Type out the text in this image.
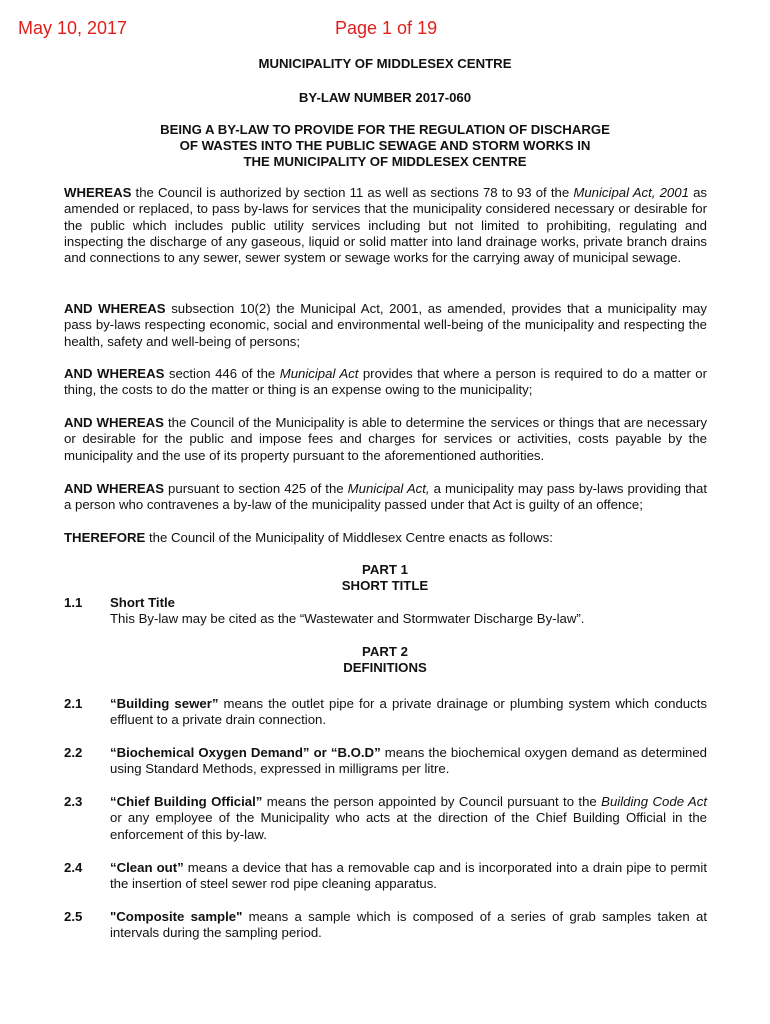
May 10, 2017	Page 1 of 19
MUNICIPALITY OF MIDDLESEX CENTRE
BY-LAW NUMBER 2017-060
BEING A BY-LAW TO PROVIDE FOR THE REGULATION OF DISCHARGE
OF WASTES INTO THE PUBLIC SEWAGE AND STORM WORKS IN
THE MUNICIPALITY OF MIDDLESEX CENTRE
WHEREAS the Council is authorized by section 11 as well as sections 78 to 93 of the Municipal Act, 2001 as amended or replaced, to pass by-laws for services that the municipality considered necessary or desirable for the public which includes public utility services including but not limited to prohibiting, regulating and inspecting the discharge of any gaseous, liquid or solid matter into land drainage works, private branch drains and connections to any sewer, sewer system or sewage works for the carrying away of municipal sewage.
AND WHEREAS subsection 10(2) the Municipal Act, 2001, as amended, provides that a municipality may pass by-laws respecting economic, social and environmental well-being of the municipality and respecting the health, safety and well-being of persons;
AND WHEREAS section 446 of the Municipal Act provides that where a person is required to do a matter or thing, the costs to do the matter or thing is an expense owing to the municipality;
AND WHEREAS the Council of the Municipality is able to determine the services or things that are necessary or desirable for the public and impose fees and charges for services or activities, costs payable by the municipality and the use of its property pursuant to the aforementioned authorities.
AND WHEREAS pursuant to section 425 of the Municipal Act, a municipality may pass by-laws providing that a person who contravenes a by-law of the municipality passed under that Act is guilty of an offence;
THEREFORE the Council of the Municipality of Middlesex Centre enacts as follows:
PART 1
SHORT TITLE
1.1 Short Title
This By-law may be cited as the “Wastewater and Stormwater Discharge By-law”.
PART 2
DEFINITIONS
2.1 “Building sewer” means the outlet pipe for a private drainage or plumbing system which conducts effluent to a private drain connection.
2.2 “Biochemical Oxygen Demand” or “B.O.D” means the biochemical oxygen demand as determined using Standard Methods, expressed in milligrams per litre.
2.3 “Chief Building Official” means the person appointed by Council pursuant to the Building Code Act or any employee of the Municipality who acts at the direction of the Chief Building Official in the enforcement of this by-law.
2.4 “Clean out” means a device that has a removable cap and is incorporated into a drain pipe to permit the insertion of steel sewer rod pipe cleaning apparatus.
2.5 "Composite sample" means a sample which is composed of a series of grab samples taken at intervals during the sampling period.
